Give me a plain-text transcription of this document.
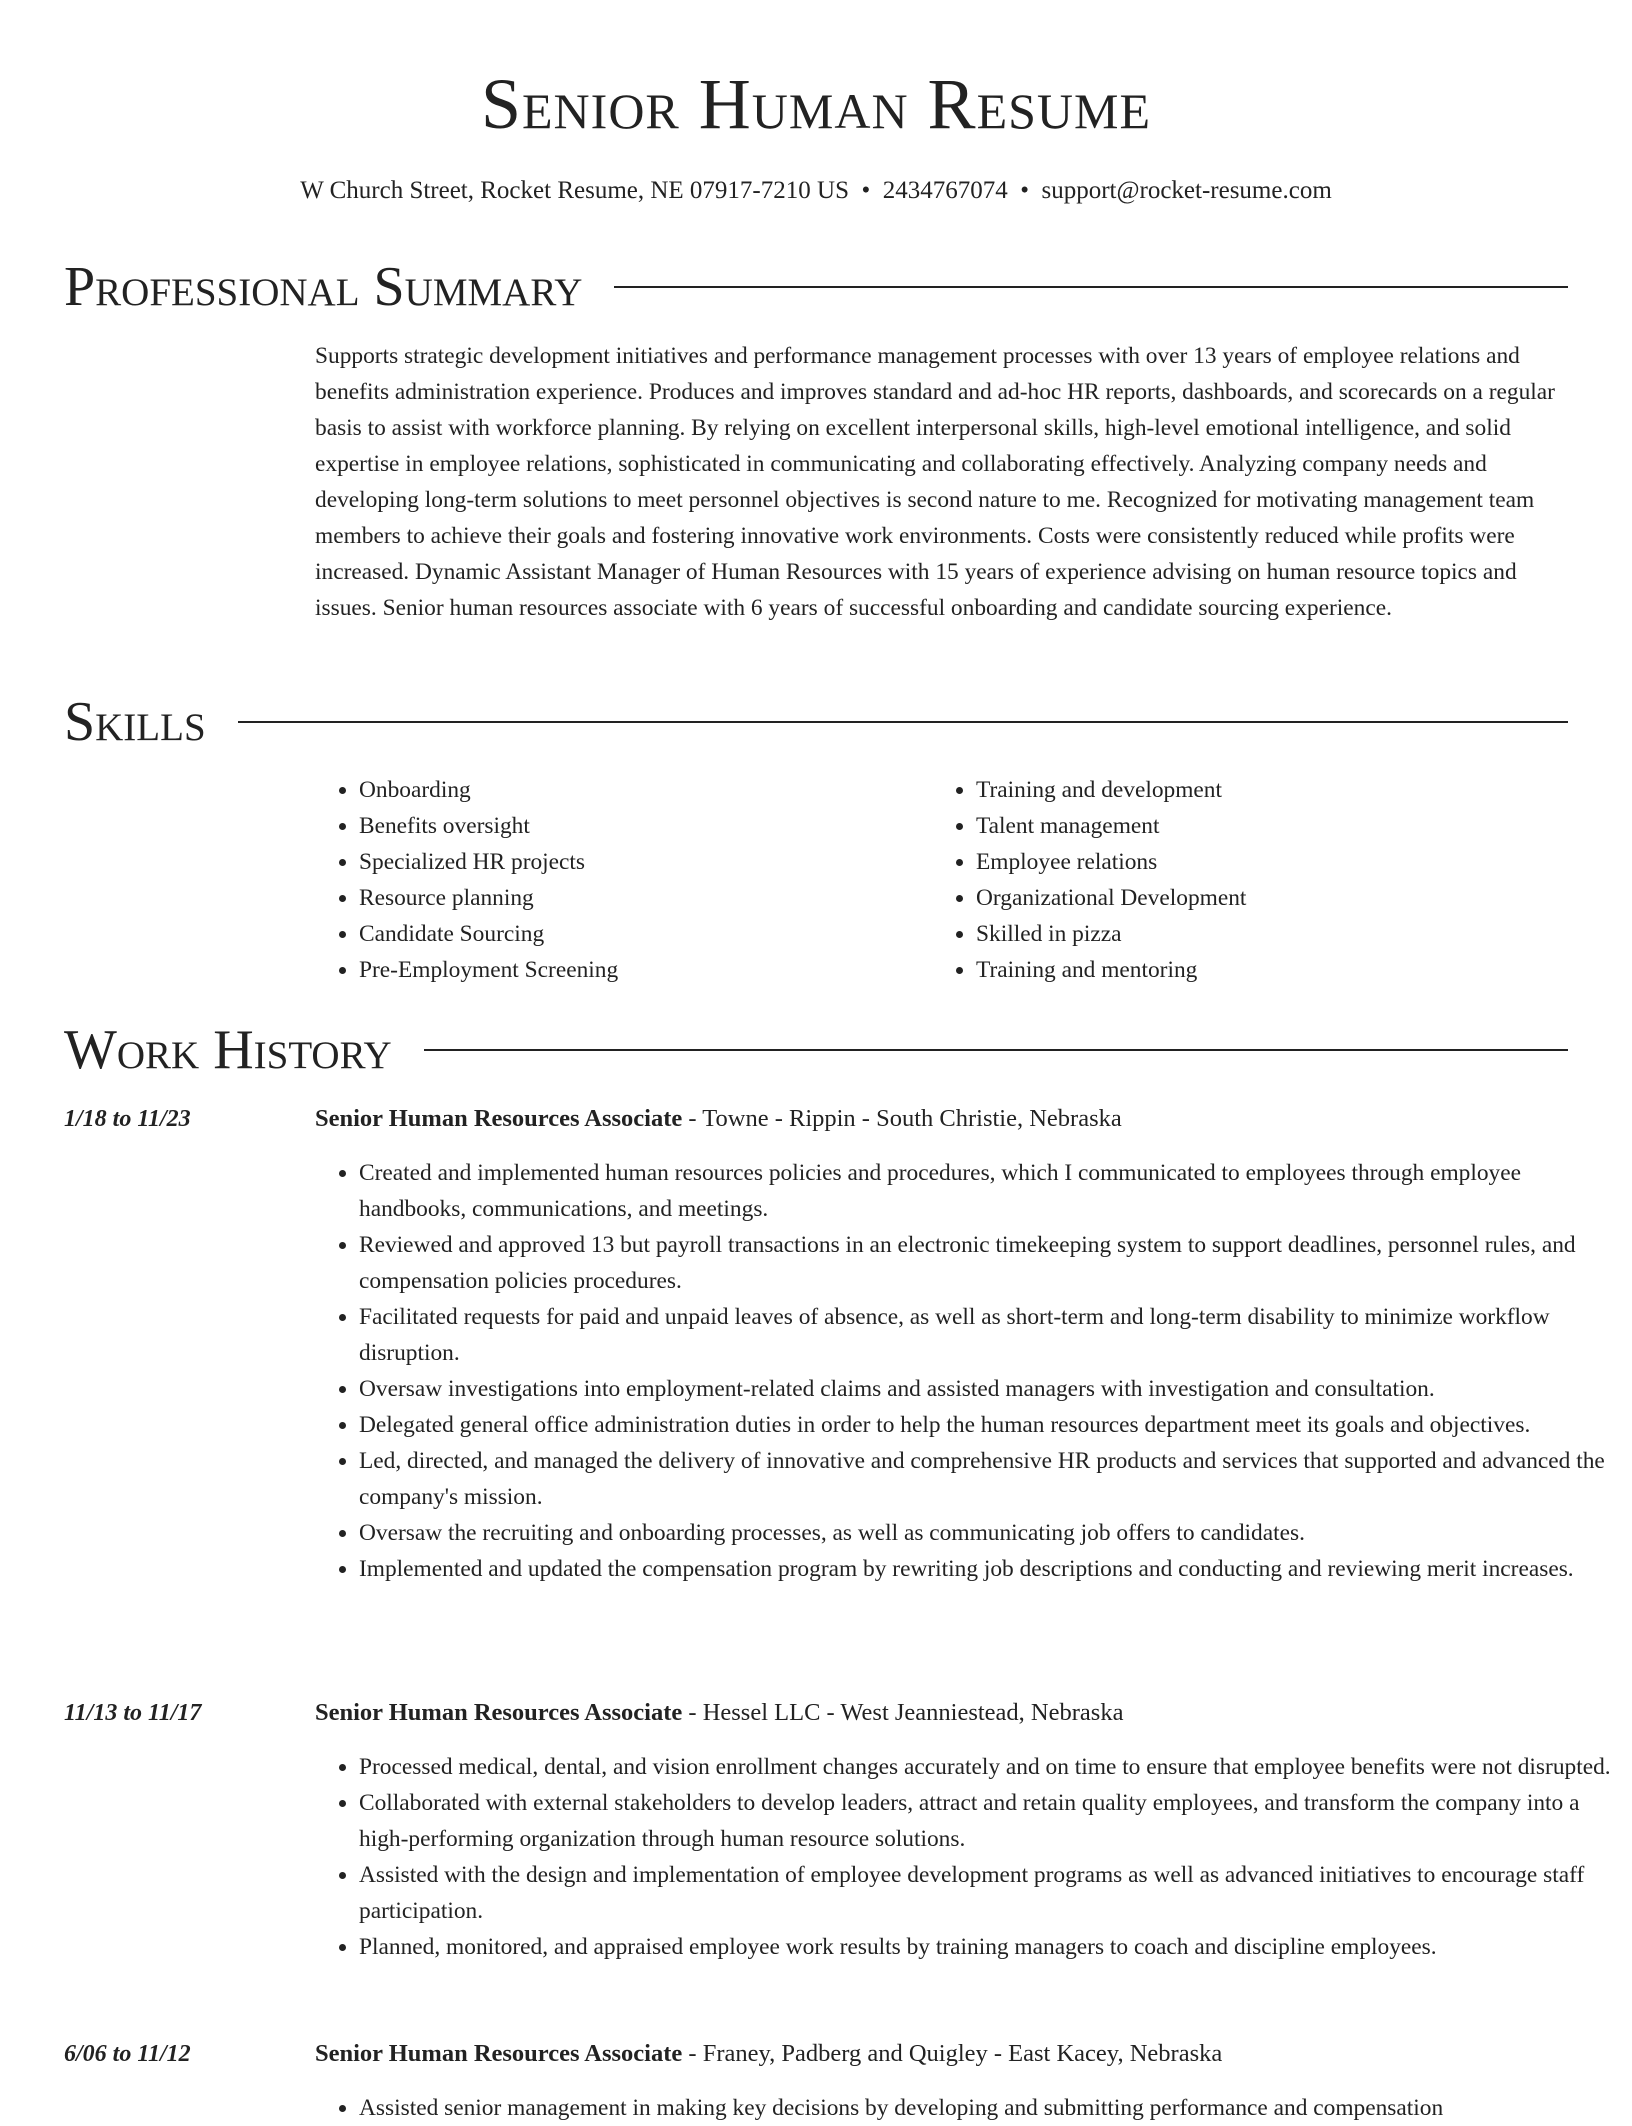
Senior Human Resume
W Church Street, Rocket Resume, NE 07917-7210 US  •  2434767074  •  support@rocket-resume.com
Professional Summary

Supports strategic development initiatives and performance management processes with over 13 years of employee relations and benefits administration experience. Produces and improves standard and ad-hoc HR reports, dashboards, and scorecards on a regular basis to assist with workforce planning. By relying on excellent interpersonal skills, high-level emotional intelligence, and solid expertise in employee relations, sophisticated in communicating and collaborating effectively. Analyzing company needs and developing long-term solutions to meet personnel objectives is second nature to me. Recognized for motivating management team members to achieve their goals and fostering innovative work environments. Costs were consistently reduced while profits were increased. Dynamic Assistant Manager of Human Resources with 15 years of experience advising on human resource topics and issues. Senior human resources associate with 6 years of successful onboarding and candidate sourcing experience.

Skills
• Onboarding
• Benefits oversight
• Specialized HR projects
• Resource planning
• Candidate Sourcing
• Pre-Employment Screening
• Training and development
• Talent management
• Employee relations
• Organizational Development
• Skilled in pizza
• Training and mentoring
Work History
1/18 to 11/23	Senior Human Resources Associate - Towne - Rippin - South Christie, Nebraska
• Created and implemented human resources policies and procedures, which I communicated to employees through employee handbooks, communications, and meetings.
• Reviewed and approved 13 but payroll transactions in an electronic timekeeping system to support deadlines, personnel rules, and compensation policies procedures.
• Facilitated requests for paid and unpaid leaves of absence, as well as short-term and long-term disability to minimize workflow disruption.
• Oversaw investigations into employment-related claims and assisted managers with investigation and consultation.
• Delegated general office administration duties in order to help the human resources department meet its goals and objectives.
• Led, directed, and managed the delivery of innovative and comprehensive HR products and services that supported and advanced the company's mission.
• Oversaw the recruiting and onboarding processes, as well as communicating job offers to candidates.
• Implemented and updated the compensation program by rewriting job descriptions and conducting and reviewing merit increases.
11/13 to 11/17	Senior Human Resources Associate - Hessel LLC - West Jeanniestead, Nebraska
• Processed medical, dental, and vision enrollment changes accurately and on time to ensure that employee benefits were not disrupted.
• Collaborated with external stakeholders to develop leaders, attract and retain quality employees, and transform the company into a high-performing organization through human resource solutions.
• Assisted with the design and implementation of employee development programs as well as advanced initiatives to encourage staff participation.
• Planned, monitored, and appraised employee work results by training managers to coach and discipline employees.
6/06 to 11/12	Senior Human Resources Associate - Franey, Padberg and Quigley - East Kacey, Nebraska
• Assisted senior management in making key decisions by developing and submitting performance and compensation
